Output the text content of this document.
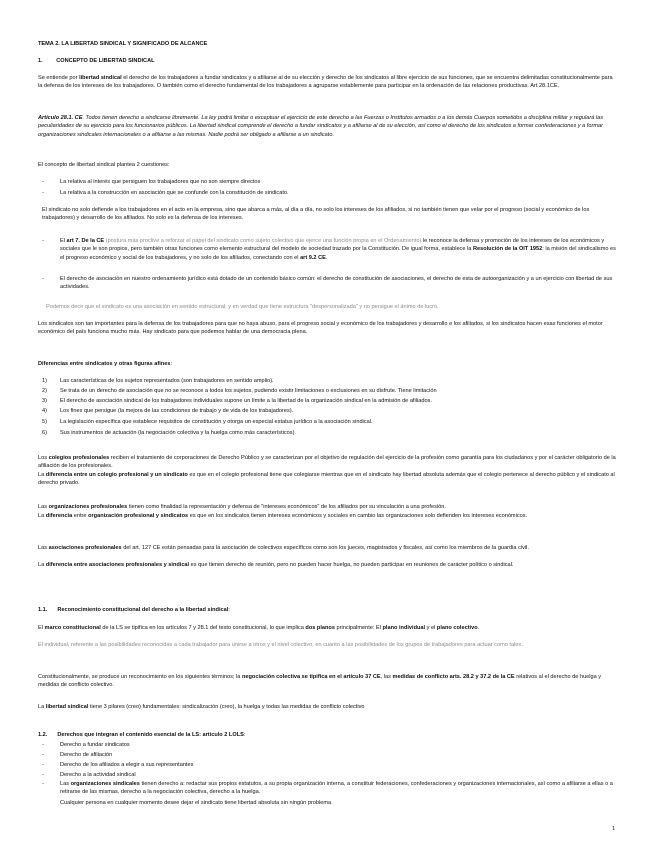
TEMA 2. LA LIBERTAD SINDICAL Y SIGNIFICADO DE ALCANCE

1. CONCEPTO DE LIBERTAD SINDICAL

Se entiende por libertad sindical el derecho de los trabajadores a fundar sindicatos y a afiliarse al de su elección y derecho de los sindicatos al libre ejercicio de sus funciones, que se encuentra delimitadas constitucionalmente para la defensa de los intereses de los trabajadores. O también como el derecho fundamental de los trabajadores a agruparse establemente para participar en la ordenación de las relaciones productivas. Art 28.1CE.

Artículo 28.1. CE. Todos tienen derecho a sindicarse libremente. La ley podrá limitar o exceptuar el ejercicio de este derecho a las Fuerzas o Institutos armados o a los demás Cuerpos sometidos a disciplina militar y regulará las peculiaridades de su ejercicio para los funcionarios públicos. La libertad sindical comprende el derecho a fundar sindicatos y a afiliarse al de su elección, así como el derecho de los sindicatos a formar confederaciones y a formar organizaciones sindicales internacionales o a afiliarse a las mismas. Nadie podrá ser obligado a afiliarse a un sindicato.

El concepto de libertad sindical plantea 2 cuestiones:

-	La relativa al interés que persiguen los trabajadores que no son siempre directos

-	La relativa a la construcción en asociación que se confunde con la constitución de sindicato.

El sindicato no solo defiende a los trabajadores en el acto en la empresa, sino que abarca a más, al día a día, no solo los intereses de los afiliados, si no también tienen que velar por el progreso (social y económico de los trabajadores) y desarrollo de los afiliados. No solo es la defensa de los intereses.

-	El art 7. De la CE (postura más proclive a reforzar el papel del sindicato como sujeto colectivo que ejerce una función propia en el Ordenamiento) le reconoce la defensa y promoción de los intereses de los económicos y sociales que le son propios, pero también otras funciones como elemento estructural del modelo de sociedad trazado por la Constitución. De igual forma, establece la Resolución de la OIT 1952: la misión del sindicalismo es el progreso económico y social de los trabajadores, y no solo de los afiliados, conectando con el art 9.2 CE.

-	El derecho de asociación en nuestro ordenamiento jurídico está dotado de un contenido básico común: el derecho de constitución de asociaciones, el derecho de esta de autoorganización y a un ejercicio con libertad de sus actividades.

Podemos decir que el sindicato es una asociación en sentido estructural; y en verdad que tiene estructura "despersonalizada" y no persigue el ánimo de lucro.

Los sindicatos son tan importantes para la defensa de los trabajadores para que no haya abuso, para el progreso social y económico de los trabajadores y desarrollo e los afiliados, si los sindicatos hacen esas funciones el motor económico del país funciona mucho más. Hay sindicato para que podemos hablar de una democracia plena.

Diferencias entre sindicatos y otras figuras afines:

1) Las características de los sujetos representados (son trabajadores en sentido amplio).

2) Se trata de un derecho de asociación que no se reconoce a todos los sujetos, pudiendo existir limitaciones o exclusiones en su disfrute. Tiene limitación

3) El derecho de asociación sindical de los trabajadores individuales supone un límite a la libertad de la organización sindical en la admisión de afiliados.

4) Los fines que persigue (la mejora de las condiciones de trabajo y de vida de los trabajadores).

5) La legislación específica que establece requisitos de constitución y otorga un especial estatus jurídico a la asociación sindical.

6) Sus instrumentos de actuación (la negociación colectiva y la huelga como más característicos).

Los colegios profesionales reciben el tratamiento de corporaciones de Derecho Público y se caracterizan por el objetivo de regulación del ejercicio de la profesión como garantía para los ciudadanos y por el carácter obligatorio de la afiliación de los profesionales.

La diferencia entre un colegio profesional y un sindicato es que en el colegio profesional tiene que colegiarse mientras que en el sindicato hay libertad absoluta además que el colegio pertenece al derecho público y el sindicato al derecho privado.

Las organizaciones profesionales tienen como finalidad la representación y defensa de "intereses económicos" de los afiliados por su vinculación a una profesión.

La diferencia entre organización profesional y sindicatos es que en los sindicatos tienen intereses económicos y sociales en cambio las organizaciones solo defienden los intereses económicos.

Las asociaciones profesionales del art. 127 CE están pensadas para la asociación de colectivos específicos como son los jueces, magistrados y fiscales, así como los miembros de la guardia civil.

La diferencia entre asociaciones profesionales y sindical es que tienen derecho de reunión, pero no pueden hacer huelga, no pueden participar en reuniones de carácter político o sindical.

1.1. Reconocimiento constitucional del derecho a la libertad sindical:

El marco constitucional de la LS se tipifica en los artículos 7 y 28.1 del texto constitucional, lo que implica dos planos principalmente: El plano individual y el plano colectivo.

El individual, referente a las posibilidades reconocidas a cada trabajador para unirse a otros y el nivel colectivo, en cuanto a las posibilidades de los grupos de trabajadores para actuar como tales.

Constitucionalmente, se produce un reconocimiento en los siguientes términos; la negociación colectiva se tipifica en el artículo 37 CE, las medidas de conflicto arts. 28.2 y 37.2 de la CE relativos al el derecho de huelga y medidas de conflicto colectivo.

La libertad sindical tiene 3 pilares (creo) fundamentales: sindicalización (creo), la huelga y todas las medidas de conflicto colectivo

1.2. Derechos que integran el contenido esencial de la LS: artículo 2 LOLS:

-	Derecho a fundar sindicatos

-	Derecho de afiliación

-	Derecho de los afiliados a elegir a sus representantes

-	Derecho a la actividad sindical

-	Las organizaciones sindicales tienen derecho a: redactar sus propios estatutos, a su propia organización interna, a constituir federaciones, confederaciones y organizaciones internacionales, así como a afiliarse a ellas o a retirarse de las mismas, derecho a la negociación colectiva, derecho a la huelga.

Cualquier persona en cualquier momento desee dejar el sindicato tiene libertad absoluta sin ningún problema

1
